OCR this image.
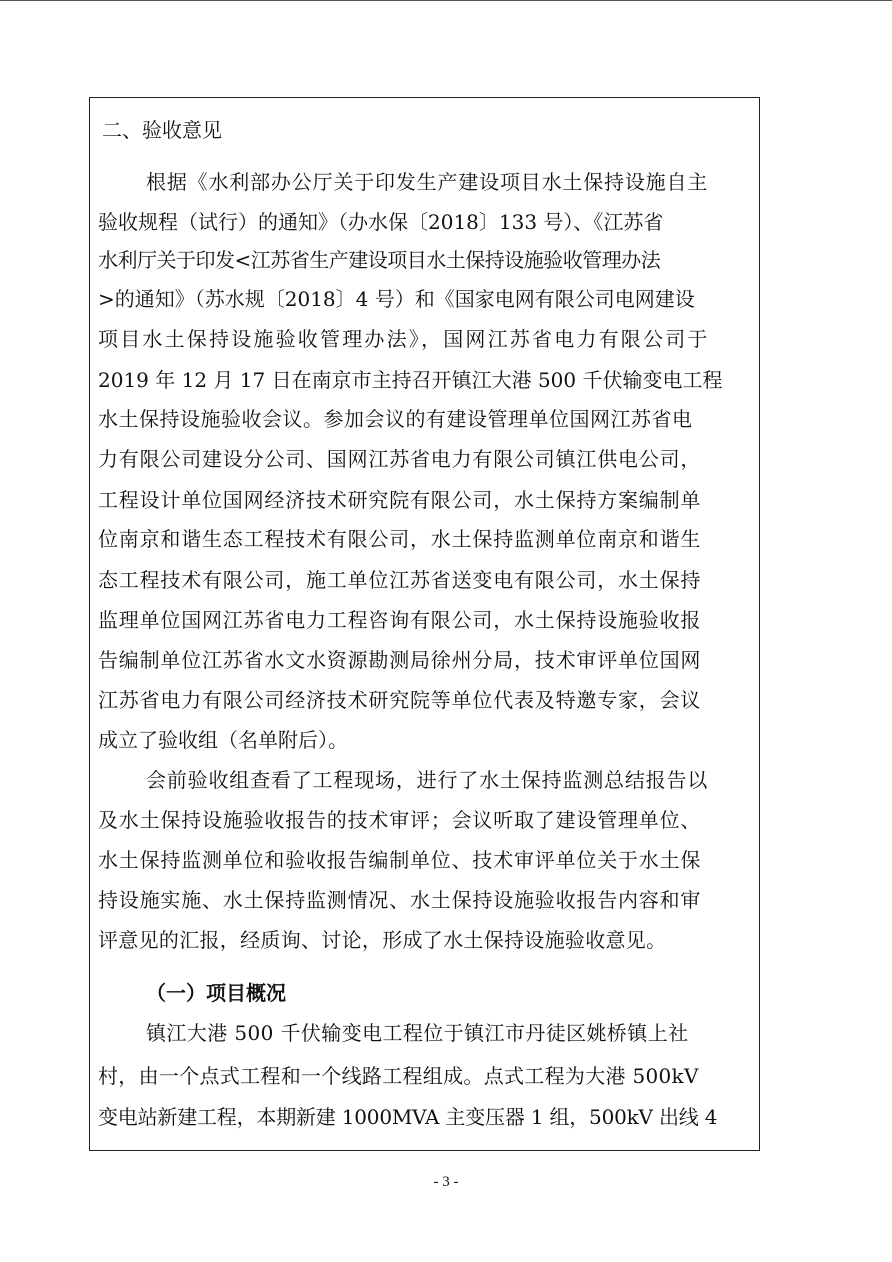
二、验收意见
根据《水利部办公厅关于印发生产建设项目水土保持设施自主
验收规程（试行）的通知》（办水保〔2018〕133 号）、《江苏省
水利厅关于印发<江苏省生产建设项目水土保持设施验收管理办法
>的通知》（苏水规〔2018〕4 号）和《国家电网有限公司电网建设
项目水土保持设施验收管理办法》，国网江苏省电力有限公司于
2019 年 12 月 17 日在南京市主持召开镇江大港 500 千伏输变电工程
水土保持设施验收会议。参加会议的有建设管理单位国网江苏省电
力有限公司建设分公司、国网江苏省电力有限公司镇江供电公司，
工程设计单位国网经济技术研究院有限公司，水土保持方案编制单
位南京和谐生态工程技术有限公司，水土保持监测单位南京和谐生
态工程技术有限公司，施工单位江苏省送变电有限公司，水土保持
监理单位国网江苏省电力工程咨询有限公司，水土保持设施验收报
告编制单位江苏省水文水资源勘测局徐州分局，技术审评单位国网
江苏省电力有限公司经济技术研究院等单位代表及特邀专家，会议
成立了验收组（名单附后）。
会前验收组查看了工程现场，进行了水土保持监测总结报告以
及水土保持设施验收报告的技术审评；会议听取了建设管理单位、
水土保持监测单位和验收报告编制单位、技术审评单位关于水土保
持设施实施、水土保持监测情况、水土保持设施验收报告内容和审
评意见的汇报，经质询、讨论，形成了水土保持设施验收意见。
（一）项目概况
镇江大港 500 千伏输变电工程位于镇江市丹徒区姚桥镇上社
村，由一个点式工程和一个线路工程组成。点式工程为大港 500kV
变电站新建工程，本期新建 1000MVA 主变压器 1 组，500kV 出线 4
- 3 -
